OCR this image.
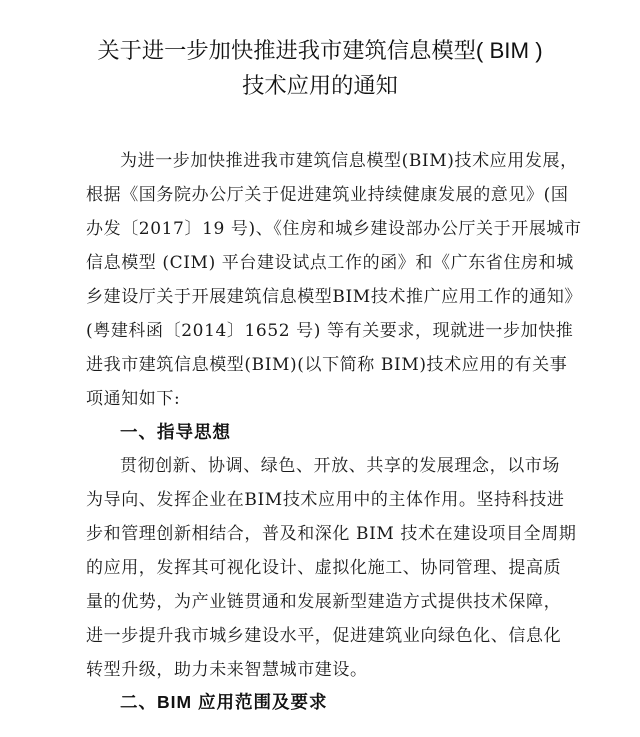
关于进一步加快推进我市建筑信息模型( BIM )
技术应用的通知
为进一步加快推进我市建筑信息模型(BIM)技术应用发展，
根据《国务院办公厅关于促进建筑业持续健康发展的意见》(国
办发〔2017〕19 号)、《住房和城乡建设部办公厅关于开展城市
信息模型 (CIM) 平台建设试点工作的函》和《广东省住房和城
乡建设厅关于开展建筑信息模型BIM技术推广应用工作的通知》
(粤建科函〔2014〕1652 号) 等有关要求，现就进一步加快推
进我市建筑信息模型(BIM)(以下简称 BIM)技术应用的有关事
项通知如下:
一、指导思想
贯彻创新、协调、绿色、开放、共享的发展理念，以市场
为导向、发挥企业在BIM技术应用中的主体作用。坚持科技进
步和管理创新相结合，普及和深化 BIM 技术在建设项目全周期
的应用，发挥其可视化设计、虚拟化施工、协同管理、提高质
量的优势，为产业链贯通和发展新型建造方式提供技术保障，
进一步提升我市城乡建设水平，促进建筑业向绿色化、信息化
转型升级，助力未来智慧城市建设。
二、BIM 应用范围及要求
